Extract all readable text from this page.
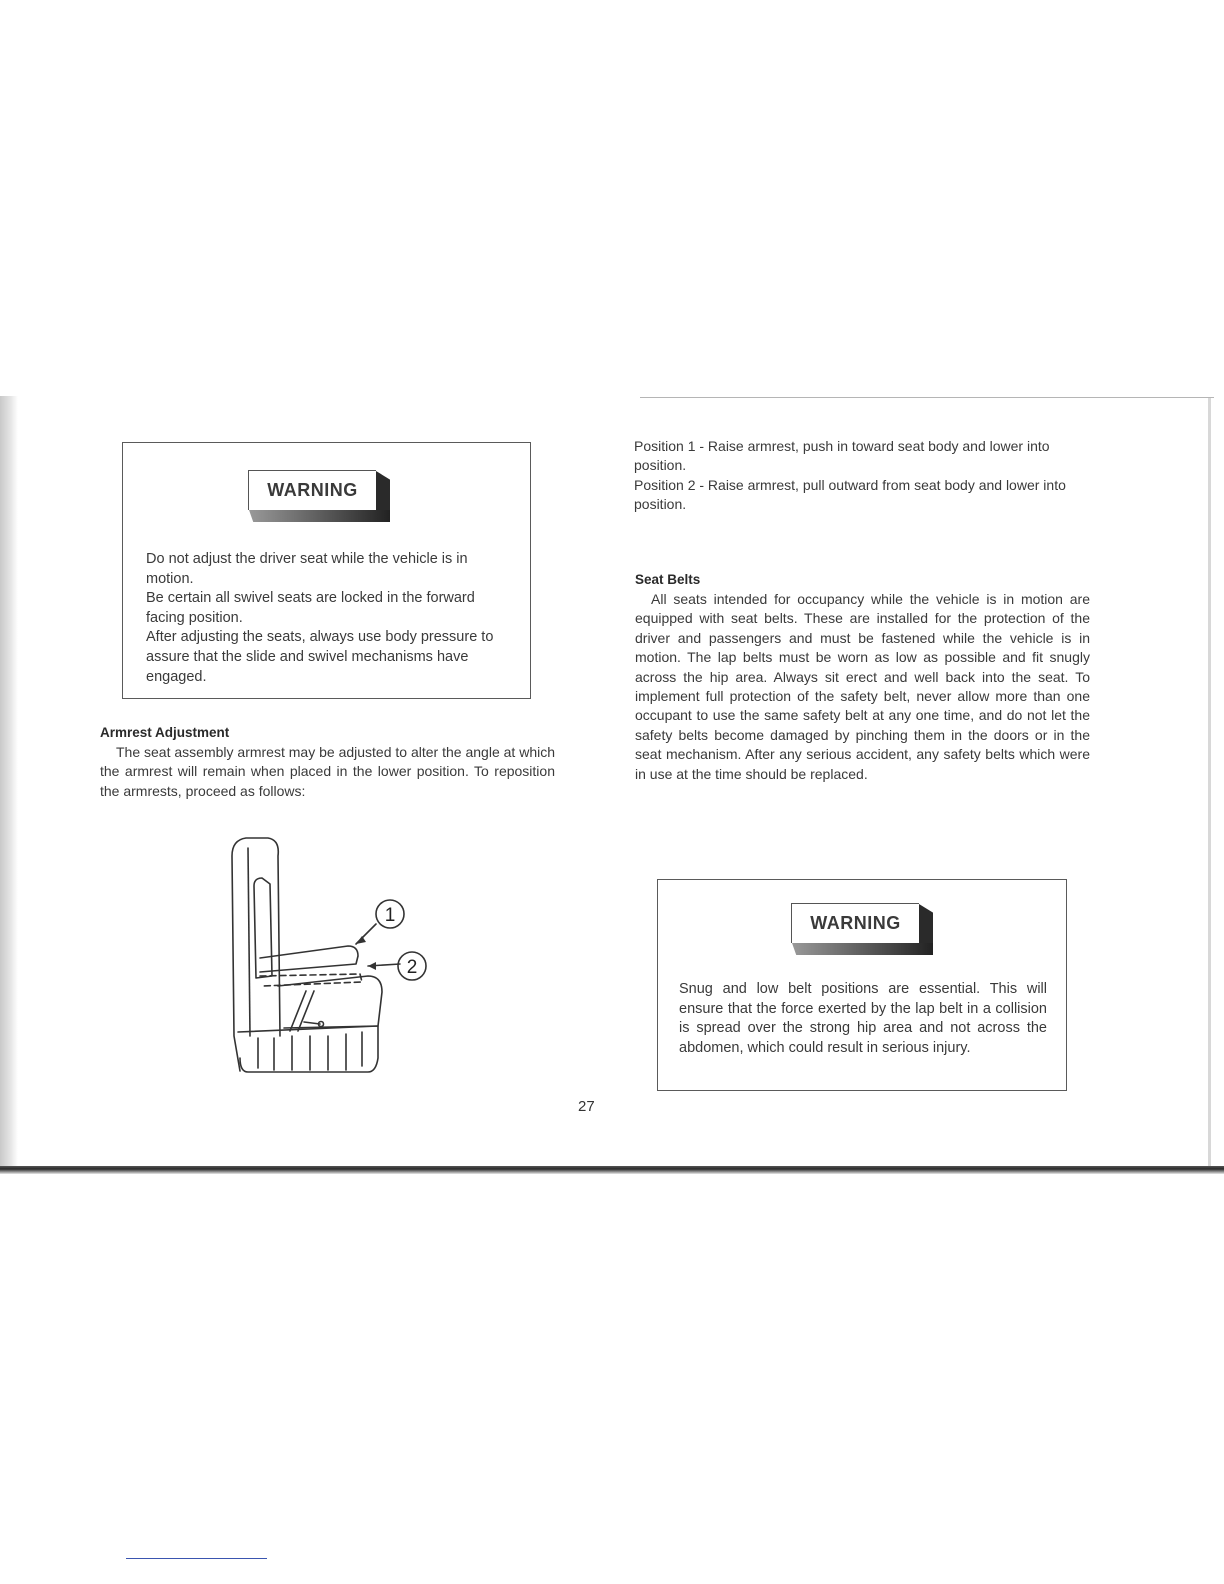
WARNING

Do not adjust the driver seat while the vehicle is in motion.

Be certain all swivel seats are locked in the forward facing position.

After adjusting the seats, always use body pressure to assure that the slide and swivel mechanisms have engaged.

Armrest Adjustment

The seat assembly armrest may be adjusted to alter the angle at which the armrest will remain when placed in the lower position. To reposition the armrests, proceed as follows:

1
2

Position 1 - Raise armrest, push in toward seat body and lower into position.

Position 2 - Raise armrest, pull outward from seat body and lower into position.

Seat Belts

All seats intended for occupancy while the vehicle is in motion are equipped with seat belts. These are installed for the protection of the driver and passengers and must be fastened while the vehicle is in motion. The lap belts must be worn as low as possible and fit snugly across the hip area. Always sit erect and well back into the seat. To implement full protection of the safety belt, never allow more than one occupant to use the same safety belt at any one time, and do not let the safety belts become damaged by pinching them in the doors or in the seat mechanism. After any serious accident, any safety belts which were in use at the time should be replaced.

WARNING

Snug and low belt positions are essential. This will ensure that the force exerted by the lap belt in a collision is spread over the strong hip area and not across the abdomen, which could result in serious injury.

27
